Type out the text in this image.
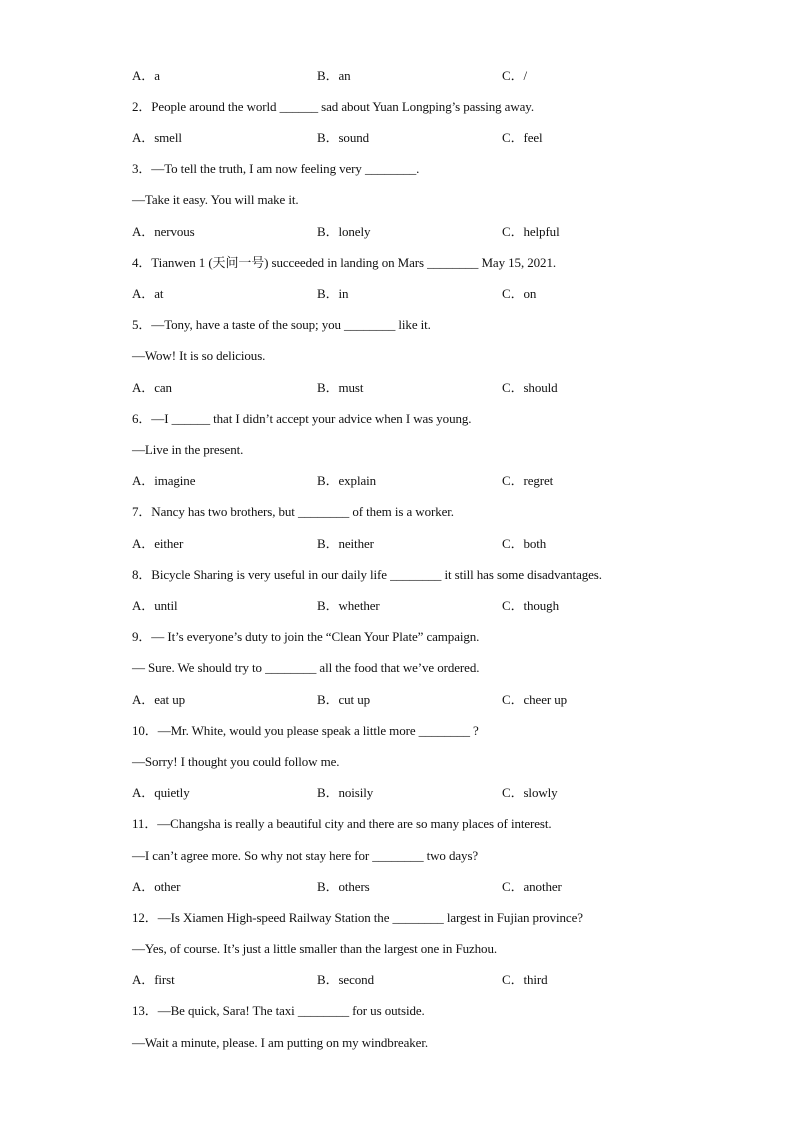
A．a	B．an	C．/
2．People around the world ______ sad about Yuan Longping’s passing away.
A．smell	B．sound	C．feel
3．—To tell the truth, I am now feeling very ________.
—Take it easy. You will make it.
A．nervous	B．lonely	C．helpful
4．Tianwen 1 (天问一号) succeeded in landing on Mars ________ May 15, 2021.
A．at	B．in	C．on
5．—Tony, have a taste of the soup; you ________ like it.
—Wow! It is so delicious.
A．can	B．must	C．should
6．—I ______ that I didn’t accept your advice when I was young.
—Live in the present.
A．imagine	B．explain	C．regret
7．Nancy has two brothers, but ________ of them is a worker.
A．either	B．neither	C．both
8．Bicycle Sharing is very useful in our daily life ________ it still has some disadvantages.
A．until	B．whether	C．though
9．— It’s everyone’s duty to join the “Clean Your Plate” campaign.
— Sure. We should try to ________ all the food that we’ve ordered.
A．eat up	B．cut up	C．cheer up
10．—Mr. White, would you please speak a little more ________ ?
—Sorry! I thought you could follow me.
A．quietly	B．noisily	C．slowly
11．—Changsha is really a beautiful city and there are so many places of interest.
—I can’t agree more. So why not stay here for ________ two days?
A．other	B．others	C．another
12．—Is Xiamen High-speed Railway Station the ________ largest in Fujian province?
—Yes, of course. It’s just a little smaller than the largest one in Fuzhou.
A．first	B．second	C．third
13．—Be quick, Sara! The taxi ________ for us outside.
—Wait a minute, please. I am putting on my windbreaker.
